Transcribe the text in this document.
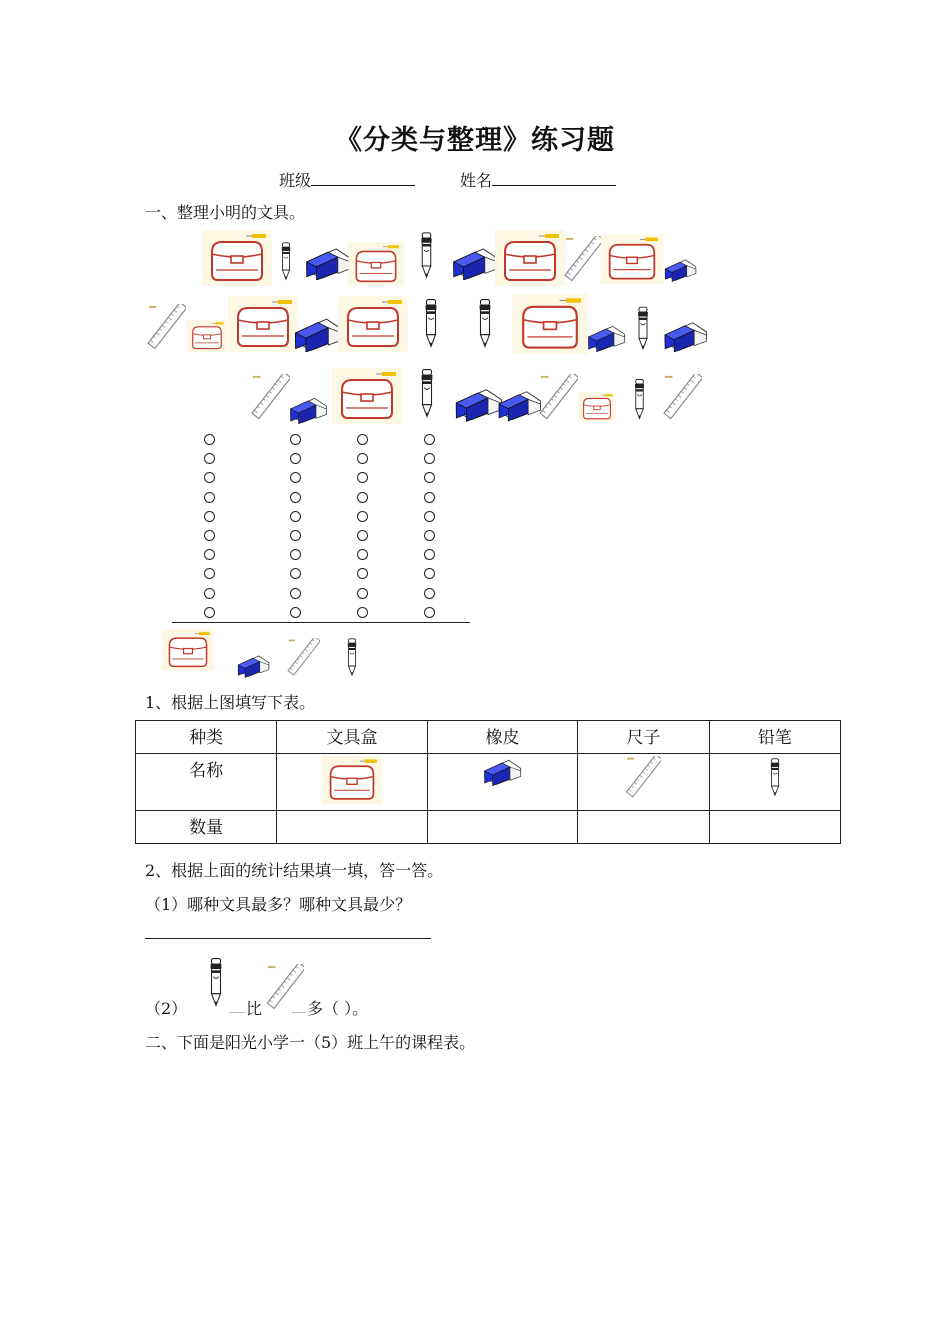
《分类与整理》练习题
班级	姓名
一、整理小明的文具。
1、根据上图填写下表。
种类	文具盒	橡皮	尺子	铅笔
名称	

数量				
2、根据上面的统计结果填一填，答一答。
（1）哪种文具最多？哪种文具最少？
（2）	比	多（ ）。
二、下面是阳光小学一（5）班上午的课程表。
